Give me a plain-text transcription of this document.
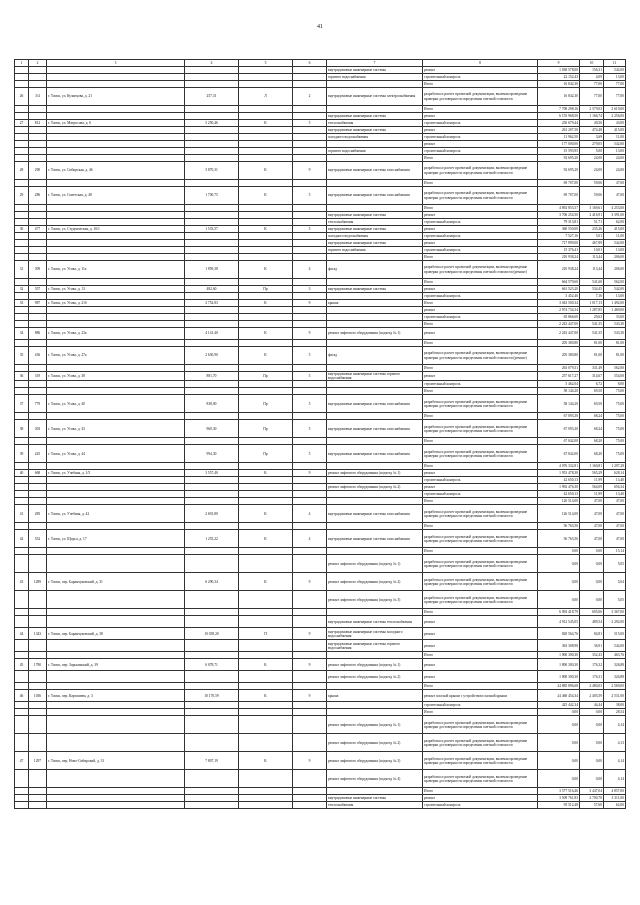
41
1	2	3	4	5	6	7	8	9	10	11
						внутридомовые инженерные системы	ремонт	1 038 578,00	156,31	542,00
						горячего водоснабжения	строительный контроль	22 152,43	4,09	13,00
							Итого	16 842,30	77,00	77,00
26	3/4	г. Томск, ул. Кузнецова, д. 21	257,31	Л	2	внутридомовые инженерные системы электроснабжения	разработка и расчет проектной документации, включая проведение проверки достоверности определения сметной стоимости	16 842,30	77,00	77,00
							Итого	7 708 298,16	2 579,03	2 619,00
						внутридомовые инженерные системы	ремонт	6 155 968,50	1 166,74	2 256,00
27	812	г. Томск, ул. Матросова, д. 6	5 250,46	К	5	теплоснабжения	строительный контроль	230 679,44	40,56	43,00
						внутридомовые инженерные системы	ремонт	261 207,50	474,48	415,00
						холодного водоснабжения	строительный контроль	11 962,50	3,69	11,00
							ремонт	177 000,00	279,05	542,00
						горячего водоснабжения	строительный контроль	15 593,95	5,00	13,00
							Итого	92 695,20	24,00	24,00
28	290	г. Томск, ул. Сибирская, д. 46	3 870,31	К	9	внутридомовые инженерные системы газоснабжения	разработка и расчет проектной документации, включая проведение проверки достоверности определения сметной стоимости	92 695,20	24,00	24,00
							Итого	69 707,00	59,06	47,00
29	286	г. Томск, ул. Советская, д. 48	1 700,75	К	5	внутридомовые инженерные системы газоснабжения	разработка и расчет проектной документации, включая проведение проверки достоверности определения сметной стоимости	69 707,00	59,06	47,00
							Итого	4 892 853,57	3 169,61	4 253,00
						внутридомовые инженерные системы	ремонт	3 706 254,50	2 416,91	3 391,00
						теплоснабжения	строительный контроль	79 313,81	51,71	62,00
30	477	г. Томск, ул. Студенческая, д. 16/1	1 533,57	К	5	внутридомовые инженерные системы	ремонт	360 550,00	235,26	415,00
						холодного водоснабжения	строительный контроль	7 527,16	5,01	11,00
						внутридомовые инженерные системы	ремонт	717 899,00	467,89	542,00
						горячего водоснабжения	строительный контроль	15 376,41	10,01	13,00
							Итого	210 938,24	113,44	206,00
31	309	г. Томск, ул. Усова, д. 11а	1 859,38	К	4	фасад	разработка и расчет проектной документации, включая проведение проверки достоверности определения сметной стоимости (ремонт)	210 938,24	113,44	206,00
							Итого	664 579,60	541,60	562,00
32	357	г. Томск, ул. Усова, д. 13	482,60	Пр	3	внутридомовые инженерные системы	ремонт	661 523,20	534,45	542,00
							строительный контроль	3 452,40	7,16	13,00
33	987	г. Томск, ул. Усова, д. 21б	2 752,83	К	9	крыша	Итого	3 043 500,34	1 017,13	1 492,00
							ремонт	2 974 734,34	1 287,85	1 469,00
							строительный контроль	65 866,60	29,63	33,00
							Итого	2 243 447,00	541,35	543,30
34	886	г. Томск, ул. Усова, д. 23а	4 141,40	К	9	ремонт лифтового оборудования (подъезд № 1)	ремонт	2 243 447,00	541,35	543,30
							Итого	205 380,80	81,00	81,00
35	436	г. Томск, ул. Усова, д. 27а	2 630,90	К	5	фасад	разработка и расчет проектной документации, включая проведение проверки достоверности определения сметной стоимости (ремонт)	205 380,80	81,00	81,00
							Итого	263 079,31	331,49	562,00
36	319	г. Томск, ул. Усова, д. 38	881,70	Пр	5	внутридомовые инженерные системы горячего водоснабжения	ремонт	257 617,27	314,67	554,00
							строительный контроль	5 462,04	6,72	8,00
							Итого	58 144,20	69,50	75,00
37	779	г. Томск, ул. Усова, д. 40	838,00	Пр	5	внутридомовые инженерные системы газоснабжения	разработка и расчет проектной документации, включая проведение проверки достоверности определения сметной стоимости	58 144,20	69,50	75,00
							Итого	67 093,30	68,24	75,00
38	303	г. Томск, ул. Усова, д. 43	960,30	Пр	5	внутридомовые инженерные системы газоснабжения	разработка и расчет проектной документации, включая проведение проверки достоверности определения сметной стоимости	67 093,30	68,24	75,00
							Итого	67 842,00	68,20	75,00
39	245	г. Томск, ул. Усова, д. 44	994,30	Пр	5	внутридомовые инженерные системы газоснабжения	разработка и расчет проектной документации, включая проведение проверки достоверности определения сметной стоимости	67 842,00	68,20	75,00
							Итого	4 076 332,81	1 160,81	1 297,28
40	668	г. Томск, ул. Учебная, д. 1/5	3 557,40	К	9	ремонт лифтового оборудования (подъезд № 1)	ремонт	1 953 478,30	565,29	628,14
							строительный контроль	42 650,13	11,99	13,40
						ремонт лифтового оборудования (подъезд № 2)	ремонт	1 992 476,30	564,09	656,34
							строительный контроль	42 650,13	11,99	13,40
							Итого	126 514,00	47,00	47,00
41	285	г. Томск, ул. Учебная, д. 42	2 691,80	К	4	внутридомовые инженерные системы газоснабжения	разработка и расчет проектной документации, включая проведение проверки достоверности определения сметной стоимости	126 514,00	47,00	47,00
							Итого	56 763,56	47,00	47,00
42	532	г. Томск, ул. Щорса, д. 17	1 255,22	К	4	внутридомовые инженерные системы газоснабжения	разработка и расчет проектной документации, включая проведение проверки достоверности определения сметной стоимости	56 763,56	47,00	47,00
							Итого	0,00	0,00	15,14
						ремонт лифтового оборудования (подъезд № 1)	разработка и расчет проектной документации, включая проведение проверки достоверности определения сметной стоимости	0,00	0,00	5,05
43	1289	г. Томск, пер. Баранчуковский, д. 31	6 290,34	К	9	ремонт лифтового оборудования (подъезд № 2)	разработка и расчет проектной документации, включая проведение проверки достоверности определения сметной стоимости	0,00	0,00	5,04
						ремонт лифтового оборудования (подъезд № 3)	разработка и расчет проектной документации, включая проведение проверки достоверности определения сметной стоимости	0,00	0,00	5,05
							Итого	6 092 418,79	605,06	3 367,00
						внутридомовые инженерные системы теплоснабжения	ремонт	4 912 545,05	489,54	2 292,00
44	1343	г. Томск, пер. Баранчуковский, д. 38	10 039,20	П	9	внутридомовые инженерные системы холодного водоснабжения	ремонт	820 564,76	84,81	515,00
						внутридомовые инженерные системы горячего водоснабжения	ремонт	363 308,98	36,91	542,00
							Итого	1 800 300,30	352,43	463,76
45	1780	г. Томск, пер. Зорькинский, д. 39	6 078,71	К	9	ремонт лифтового оборудования (подъезд № 1)	ремонт	1 800 300,30	176,32	326,88
						ремонт лифтового оборудования (подъезд № 2)	ремонт	1 800 300,30	176,31	326,88
							Итого	24 885 896,68	2 480,03	2 569,00
46	1036	г. Томск, пер. Карташева, д. 3	10 170,59	К	9	крыша	ремонт плоской крыши с устройством скатной крыши	24 460 454,34	2 405,59	2 531,00
							строительный контроль	425 442,34	44,44	38,00
							Итого	0,00	0,00	28,54
						ремонт лифтового оборудования (подъезд № 1)	разработка и расчет проектной документации, включая проведение проверки достоверности определения сметной стоимости	0,00	0,00	4,14
						ремонт лифтового оборудования (подъезд № 2)	разработка и расчет проектной документации, включая проведение проверки достоверности определения сметной стоимости	0,00	0,00	4,13
47	1297	г. Томск, пер. Ново-Сибирский, д. 31	7 807,19	К	9	ремонт лифтового оборудования (подъезд № 3)	разработка и расчет проектной документации, включая проведение проверки достоверности определения сметной стоимости	0,00	0,00	4,14
						ремонт лифтового оборудования (подъезд № 4)	разработка и расчет проектной документации, включая проведение проверки достоверности определения сметной стоимости	0,00	0,00	4,14
							Итого	3 577 516,46	3 447,04	4 857,00
						внутридомовые инженерные системы	ремонт	3 509 761,83	2 700,70	3 311,00
						теплоснабжения	строительный контроль	95 512,48	57,60	62,00
